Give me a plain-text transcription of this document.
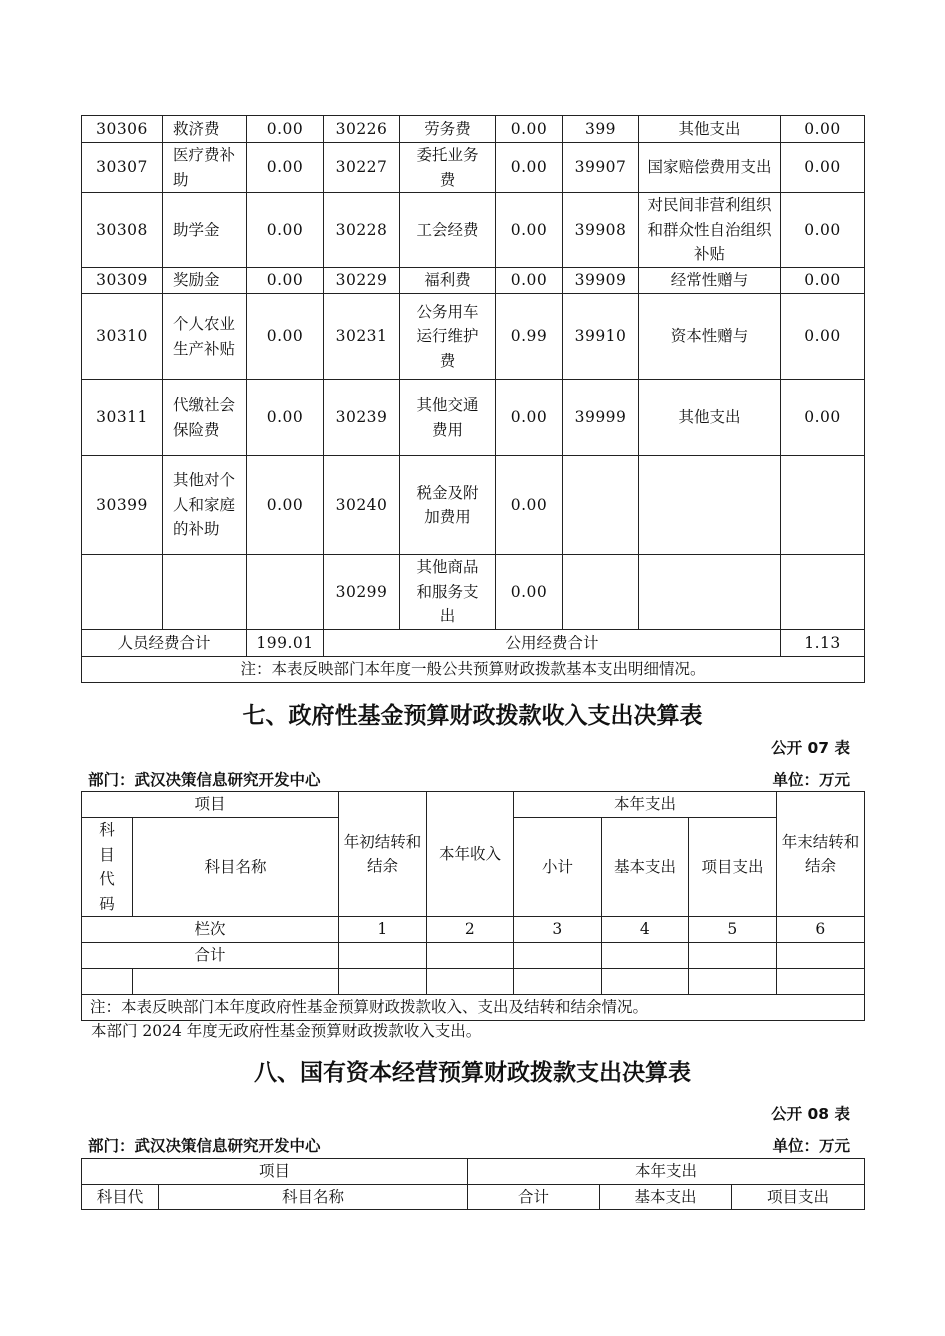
30306	救济费	0.00	30226	劳务费	0.00	399	其他支出	0.00
30307	医疗费补助	0.00	30227	委托业务费	0.00	39907	国家赔偿费用支出	0.00
30308	助学金	0.00	30228	工会经费	0.00	39908	对民间非营利组织和群众性自治组织补贴	0.00
30309	奖励金	0.00	30229	福利费	0.00	39909	经常性赠与	0.00
30310	个人农业生产补贴	0.00	30231	公务用车运行维护费	0.99	39910	资本性赠与	0.00
30311	代缴社会保险费	0.00	30239	其他交通费用	0.00	39999	其他支出	0.00
30399	其他对个人和家庭的补助	0.00	30240	税金及附加费用	0.00			
			30299	其他商品和服务支出	0.00			
人员经费合计		199.01	公用经费合计					1.13
注：本表反映部门本年度一般公共预算财政拨款基本支出明细情况。								
七、政府性基金预算财政拨款收入支出决算表
公开 07 表
部门：武汉决策信息研究开发中心	单位：万元
项目		年初结转和结余	本年收入	本年支出			年末结转和结余
科目代码	科目名称			小计	基本支出	项目支出	
栏次		1	2	3	4	5	6
合计							

注：本表反映部门本年度政府性基金预算财政拨款收入、支出及结转和结余情况。							
本部门 2024 年度无政府性基金预算财政拨款收入支出。
八、国有资本经营预算财政拨款支出决算表
公开 08 表
部门：武汉决策信息研究开发中心	单位：万元
项目		本年支出		
科目代	科目名称	合计	基本支出	项目支出
